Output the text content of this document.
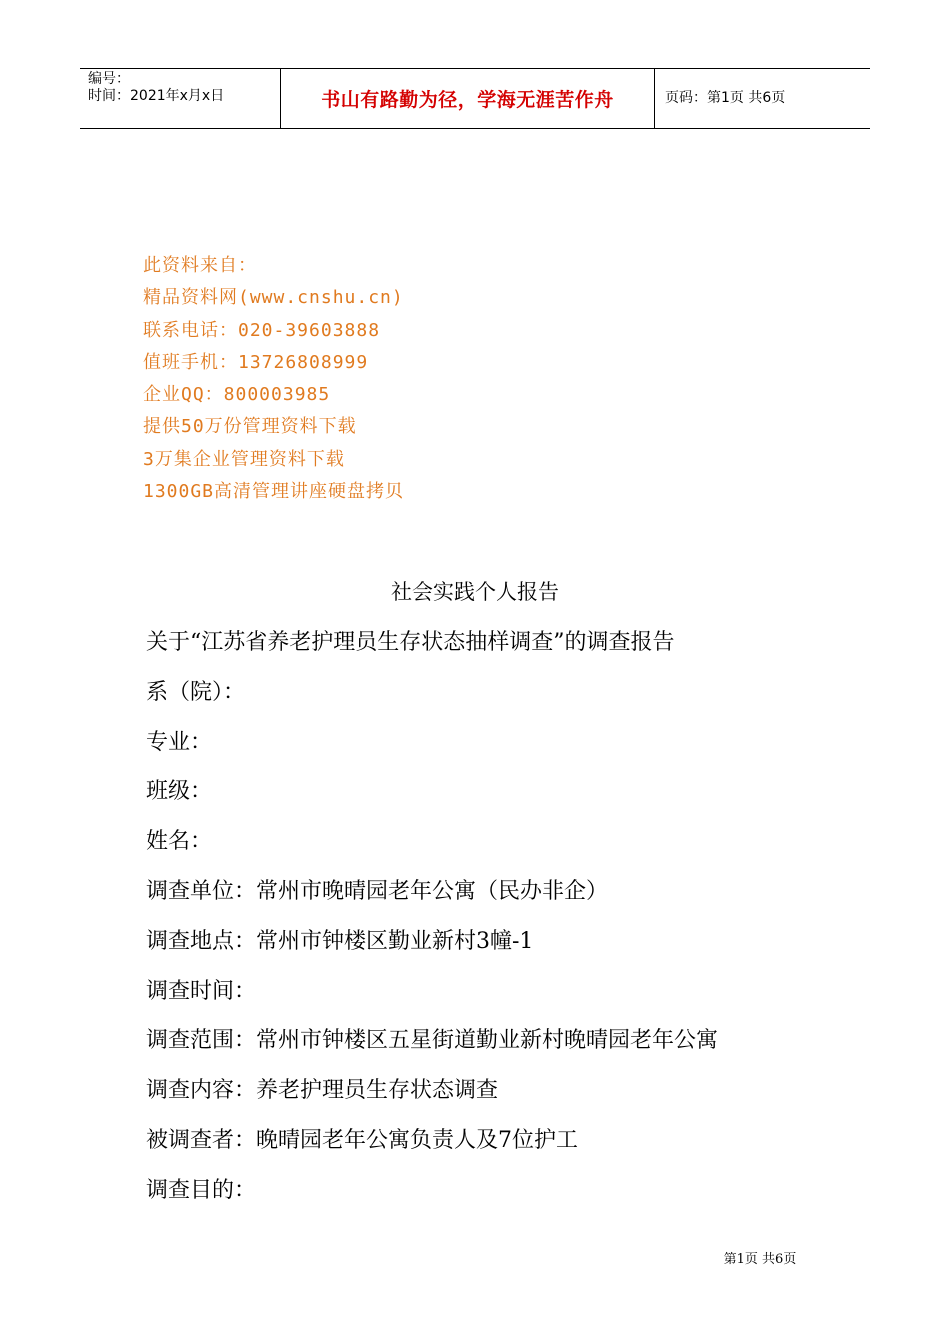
编号：
时间：2021年x月x日	书山有路勤为径，学海无涯苦作舟	页码：第1页 共6页
此资料来自：
精品资料网(www.cnshu.cn)
联系电话：020-39603888
值班手机：13726808999
企业QQ：800003985
提供50万份管理资料下载
3万集企业管理资料下载
1300GB高清管理讲座硬盘拷贝
社会实践个人报告
关于“江苏省养老护理员生存状态抽样调查”的调查报告
系（院）：
专业：
班级：
姓名：
调查单位：常州市晚晴园老年公寓（民办非企）
调查地点：常州市钟楼区勤业新村3幢-1
调查时间：
调查范围：常州市钟楼区五星街道勤业新村晚晴园老年公寓
调查内容：养老护理员生存状态调查
被调查者：晚晴园老年公寓负责人及7位护工
调查目的：
第1页 共6页
